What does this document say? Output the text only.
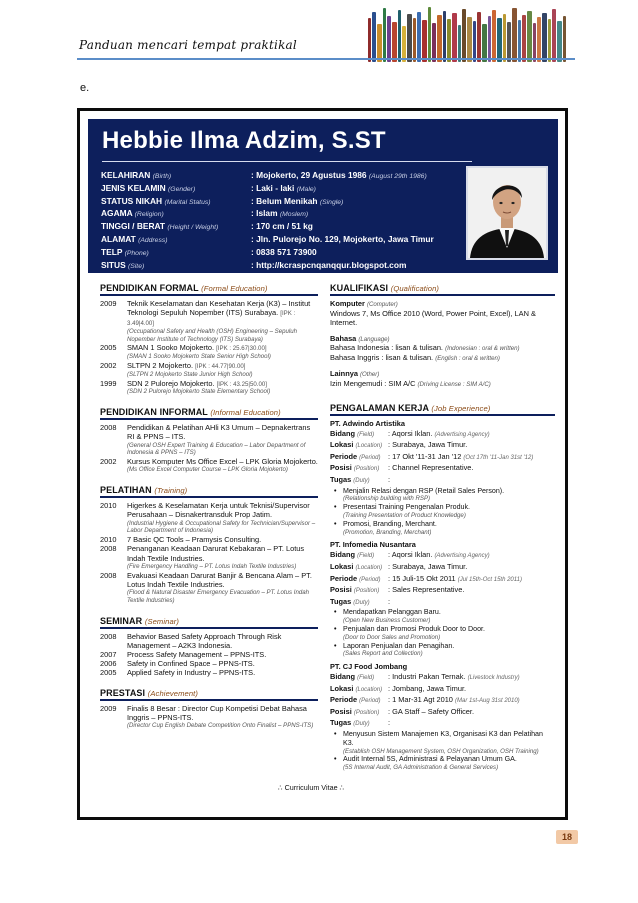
Panduan mencari tempat praktikal
e.
Hebbie Ilma Adzim, S.ST
KELAHIRAN (Birth)	: Mojokerto, 29 Agustus 1986 (August 29th 1986)
JENIS KELAMIN (Gender)	: Laki - laki (Male)
STATUS NIKAH (Marital Status)	: Belum Menikah (Single)
AGAMA (Religion)	: Islam (Moslem)
TINGGI / BERAT (Height / Weight)	: 170 cm / 51 kg
ALAMAT (Address)	: Jln. Pulorejo No. 129, Mojokerto, Jawa Timur
TELP (Phone)	: 0838 571 73900
SITUS (Site)	: http://kcraspcnqanqqur.blogspot.com
PENDIDIKAN FORMAL (Formal Education)
2009	Teknik Keselamatan dan Kesehatan Kerja (K3) – Institut Teknologi Sepuluh Nopember (ITS) Surabaya. [IPK : 3.49|4.00]
(Occupational Safety and Health (OSH) Engineering – Sepuluh Nopember Institute of Technology (ITS) Surabaya)
2005	SMAN 1 Sooko Mojokerto. [IPK : 25.67|30.00]
(SMAN 1 Sooko Mojokerto State Senior High School)
2002	SLTPN 2 Mojokerto. [IPK : 44.77|90.00]
(SLTPN 2 Mojokerto State Junior High School)
1999	SDN 2 Pulorejo Mojokerto. [IPK : 43.25|50.00]
(SDN 2 Pulorejo Mojokerto State Elementary School)
PENDIDIKAN INFORMAL (Informal Education)
2008	Pendidikan & Pelatihan AHli K3 Umum – Depnakertrans RI & PPNS – ITS.
(General OSH Expert Training & Education – Labor Department of Indonesia & PPNS – ITS)
2002	Kursus Komputer Ms Office Excel – LPK Gloria Mojokerto.
(Ms Office Excel Computer Course – LPK Gloria Mojokerto)
PELATIHAN (Training)
2010	Higerkes & Keselamatan Kerja untuk Teknisi/Supervisor Perusahaan – Disnakertransduk Prop Jatim.
(Industrial Hygiene & Occupational Safety for Technician/Supervisor – Labor Department of Indonesia)
2010	7 Basic QC Tools – Pramysis Consulting.
2008	Penanganan Keadaan Darurat Kebakaran – PT. Lotus Indah Textile Industries.
(Fire Emergency Handling – PT. Lotus Indah Textile Industries)
2008	Evakuasi Keadaan Darurat Banjir & Bencana Alam – PT. Lotus Indah Textile Industries.
(Flood & Natural Disaster Emergency Evacuation – PT. Lotus Indah Textile Industries)
SEMINAR (Seminar)
2008	Behavior Based Safety Approach Through Risk Management – A2K3 Indonesia.
2007	Process Safety Management – PPNS-ITS.
2006	Safety in Confined Space – PPNS-ITS.
2005	Applied Safety in Industry – PPNS-ITS.
PRESTASI (Achievement)
2009	Finalis 8 Besar : Director Cup Kompetisi Debat Bahasa Inggris – PPNS-ITS.
(Director Cup English Debate Competition Onto Finalist – PPNS-ITS)
KUALIFIKASI (Qualification)
Komputer (Computer)
Windows 7, Ms Office 2010 (Word, Power Point, Excel), LAN & Internet.
Bahasa (Language)
Bahasa Indonesia : lisan & tulisan. (Indonesian : oral & written)
Bahasa Inggris : lisan & tulisan. (English : oral & written)
Lainnya (Other)
Izin Mengemudi : SIM A/C (Driving License : SIM A/C)
PENGALAMAN KERJA (Job Experience)
PT. Adwindo Artistika
Bidang (Field)	: Aqorsi Iklan. (Advertising Agency)
Lokasi (Location) : Surabaya, Jawa Timur.
Periode (Period)	: 17 Okt '11-31 Jan '12 (Oct 17th '11-Jan 31st '12)
Posisi (Position)	: Channel Representative.
Tugas (Duty)	:
• Menjalin Relasi dengan RSP (Retail Sales Person).
(Relationship building with RSP)
• Presentasi Training Pengenalan Produk.
(Training Presentation of Product Knowledge)
• Promosi, Branding, Merchant.
(Promotion, Branding, Merchant)
PT. Infomedia Nusantara
Bidang (Field)	: Aqorsi Iklan. (Advertising Agency)
Lokasi (Location) : Surabaya, Jawa Timur.
Periode (Period)	: 15 Juli-15 Okt 2011 (Jul 15th-Oct 15th 2011)
Posisi (Position)	: Sales Representative.
Tugas (Duty)	:
• Mendapatkan Pelanggan Baru.
(Open New Business Customer)
• Penjualan dan Promosi Produk Door to Door.
(Door to Door Sales and Promotion)
• Laporan Penjualan dan Penagihan.
(Sales Report and Collection)
PT. CJ Food Jombang
Bidang (Field)	: Industri Pakan Ternak. (Livestock Industry)
Lokasi (Location) : Jombang, Jawa Timur.
Periode (Period)	: 1 Mar-31 Agt 2010 (Mar 1st-Aug 31st 2010)
Posisi (Position)	: GA Staff – Safety Officer.
Tugas (Duty)	:
• Menyusun Sistem Manajemen K3, Organisasi K3 dan Pelatihan K3.
(Establish OSH Management System, OSH Organization, OSH Training)
• Audit Internal 5S, Administrasi & Pelayanan Umum GA.
(5S Internal Audit, GA Administration & General Services)
∴ Curriculum Vitae ∴
18
